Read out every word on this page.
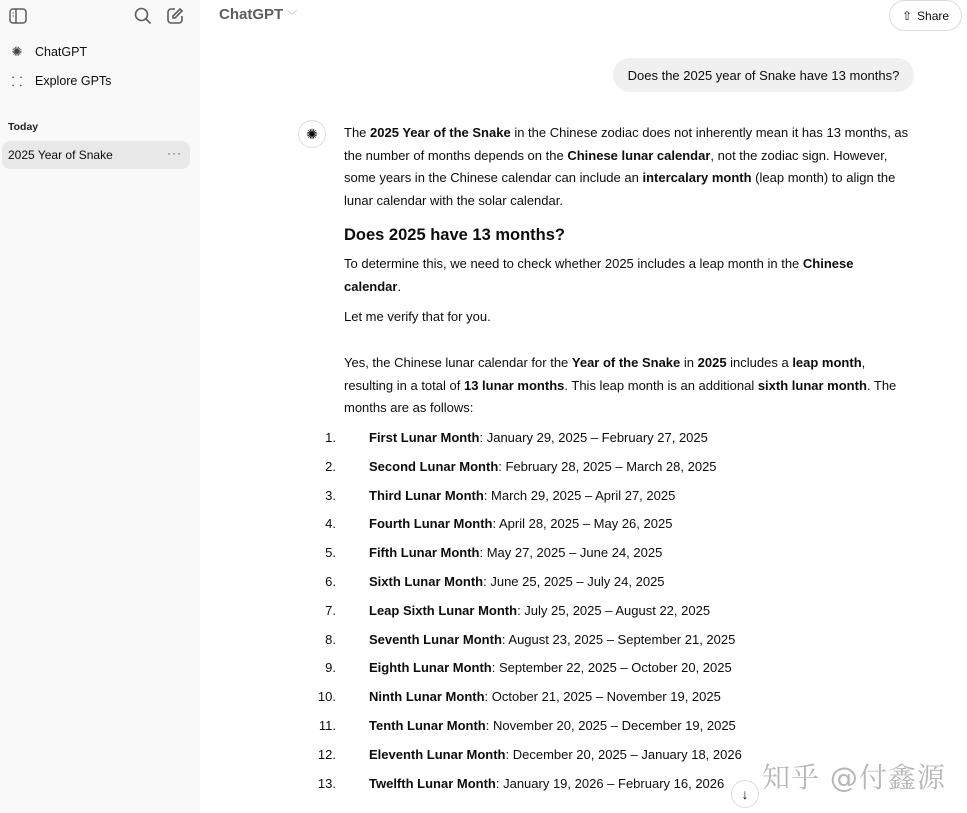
✺ ChatGPT
⸬ Explore GPTs
Today
2025 Year of Snake	···
ChatGPT ﹀	⇧ Share
Does the 2025 year of Snake have 13 months?
✺	The 2025 Year of the Snake in the Chinese zodiac does not inherently mean it has 13 months, as the number of months depends on the Chinese lunar calendar, not the zodiac sign. However, some years in the Chinese calendar can include an intercalary month (leap month) to align the lunar calendar with the solar calendar.

Does 2025 have 13 months?

To determine this, we need to check whether 2025 includes a leap month in the Chinese calendar.

Let me verify that for you.

Yes, the Chinese lunar calendar for the Year of the Snake in 2025 includes a leap month, resulting in a total of 13 lunar months. This leap month is an additional sixth lunar month. The months are as follows:

1.	First Lunar Month: January 29, 2025 – February 27, 2025
2.	Second Lunar Month: February 28, 2025 – March 28, 2025
3.	Third Lunar Month: March 29, 2025 – April 27, 2025
4.	Fourth Lunar Month: April 28, 2025 – May 26, 2025
5.	Fifth Lunar Month: May 27, 2025 – June 24, 2025
6.	Sixth Lunar Month: June 25, 2025 – July 24, 2025
7.	Leap Sixth Lunar Month: July 25, 2025 – August 22, 2025
8.	Seventh Lunar Month: August 23, 2025 – September 21, 2025
9.	Eighth Lunar Month: September 22, 2025 – October 20, 2025
10.	Ninth Lunar Month: October 21, 2025 – November 19, 2025
11.	Tenth Lunar Month: November 20, 2025 – December 19, 2025
12.	Eleventh Lunar Month: December 20, 2025 – January 18, 2026
13.	Twelfth Lunar Month: January 19, 2026 – February 16, 2026
↓ 知乎 @付鑫源
